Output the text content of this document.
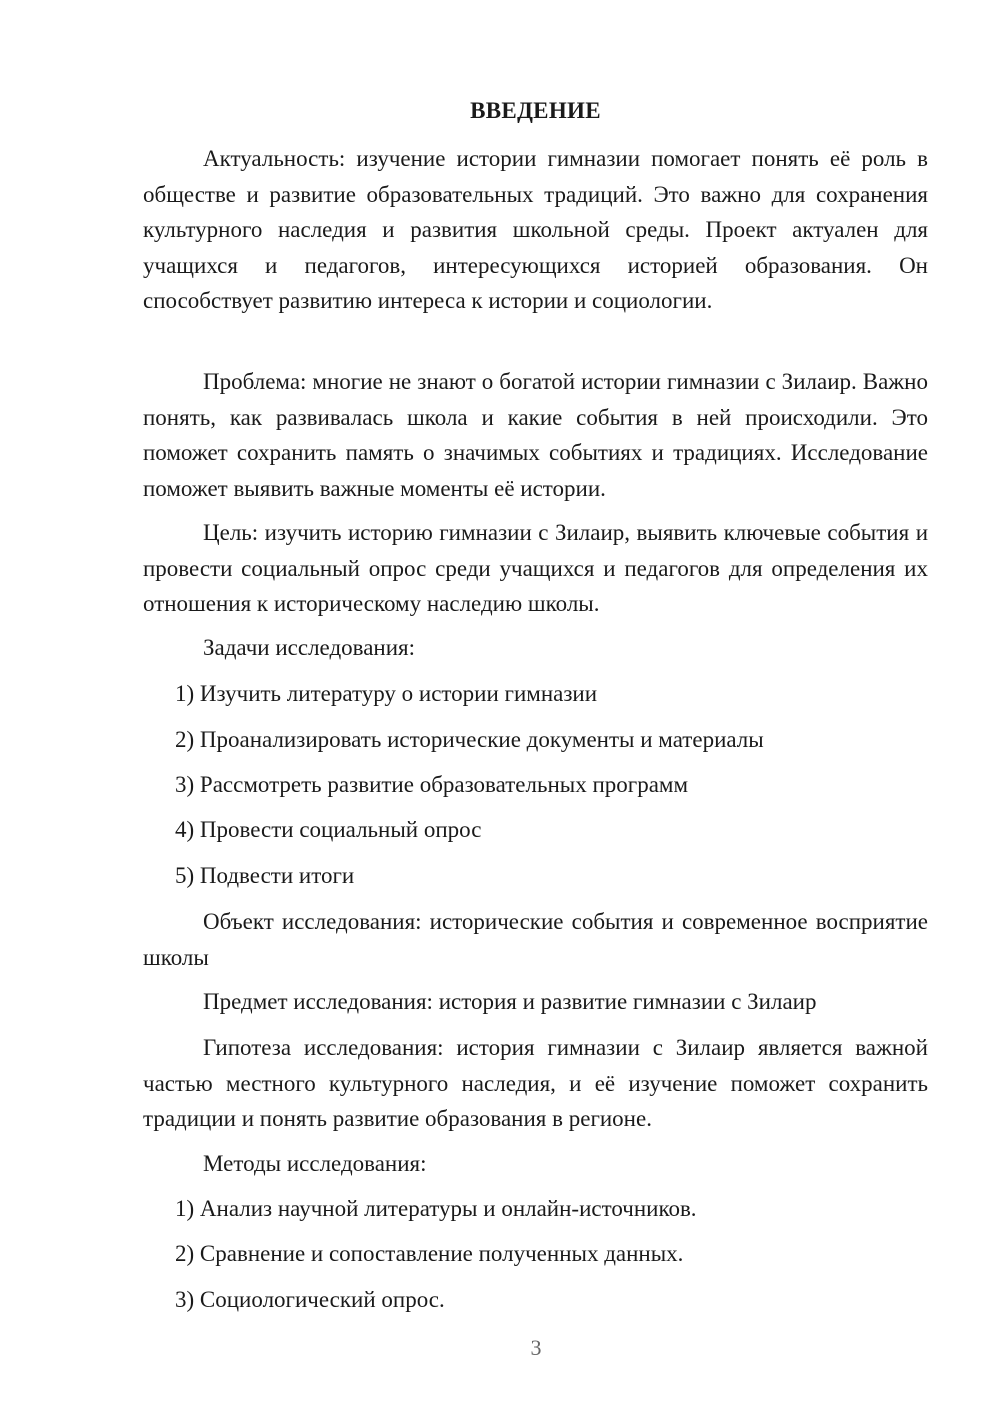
ВВЕДЕНИЕ

Актуальность: изучение истории гимназии помогает понять её роль в обществе и развитие образовательных традиций. Это важно для сохранения культурного наследия и развития школьной среды. Проект актуален для учащихся и педагогов, интересующихся историей образования. Он способствует развитию интереса к истории и социологии.

Проблема: многие не знают о богатой истории гимназии с Зилаир. Важно понять, как развивалась школа и какие события в ней происходили. Это поможет сохранить память о значимых событиях и традициях. Исследование поможет выявить важные моменты её истории.

Цель: изучить историю гимназии с Зилаир, выявить ключевые события и провести социальный опрос среди учащихся и педагогов для определения их отношения к историческому наследию школы.

Задачи исследования:

1) Изучить литературу о истории гимназии

2) Проанализировать исторические документы и материалы

3) Рассмотреть развитие образовательных программ

4) Провести социальный опрос

5) Подвести итоги

Объект исследования: исторические события и современное восприятие школы

Предмет исследования: история и развитие гимназии с Зилаир

Гипотеза исследования: история гимназии с Зилаир является важной частью местного культурного наследия, и её изучение поможет сохранить традиции и понять развитие образования в регионе.

Методы исследования:

1) Анализ научной литературы и онлайн-источников.

2) Сравнение и сопоставление полученных данных.

3) Социологический опрос.

3
